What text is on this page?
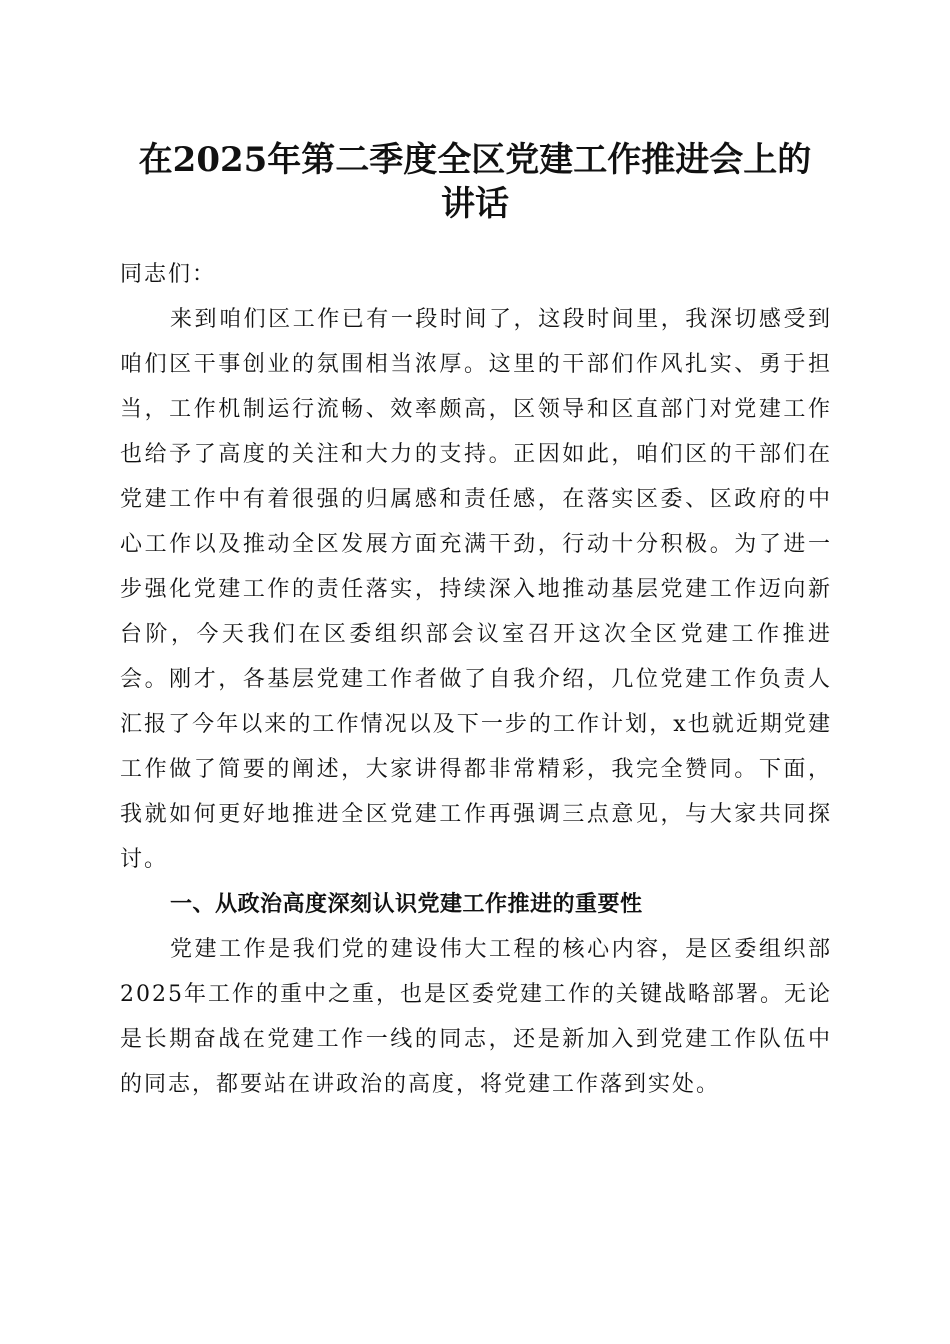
在2025年第二季度全区党建工作推进会上的
讲话

同志们：

来到咱们区工作已有一段时间了，这段时间里，我深切感受到咱们区干事创业的氛围相当浓厚。这里的干部们作风扎实、勇于担当，工作机制运行流畅、效率颇高，区领导和区直部门对党建工作也给予了高度的关注和大力的支持。正因如此，咱们区的干部们在党建工作中有着很强的归属感和责任感，在落实区委、区政府的中心工作以及推动全区发展方面充满干劲，行动十分积极。为了进一步强化党建工作的责任落实，持续深入地推动基层党建工作迈向新台阶，今天我们在区委组织部会议室召开这次全区党建工作推进会。刚才，各基层党建工作者做了自我介绍，几位党建工作负责人汇报了今年以来的工作情况以及下一步的工作计划，x也就近期党建工作做了简要的阐述，大家讲得都非常精彩，我完全赞同。下面，我就如何更好地推进全区党建工作再强调三点意见，与大家共同探讨。

一、从政治高度深刻认识党建工作推进的重要性

党建工作是我们党的建设伟大工程的核心内容，是区委组织部2025年工作的重中之重，也是区委党建工作的关键战略部署。无论是长期奋战在党建工作一线的同志，还是新加入到党建工作队伍中的同志，都要站在讲政治的高度，将党建工作落到实处。
